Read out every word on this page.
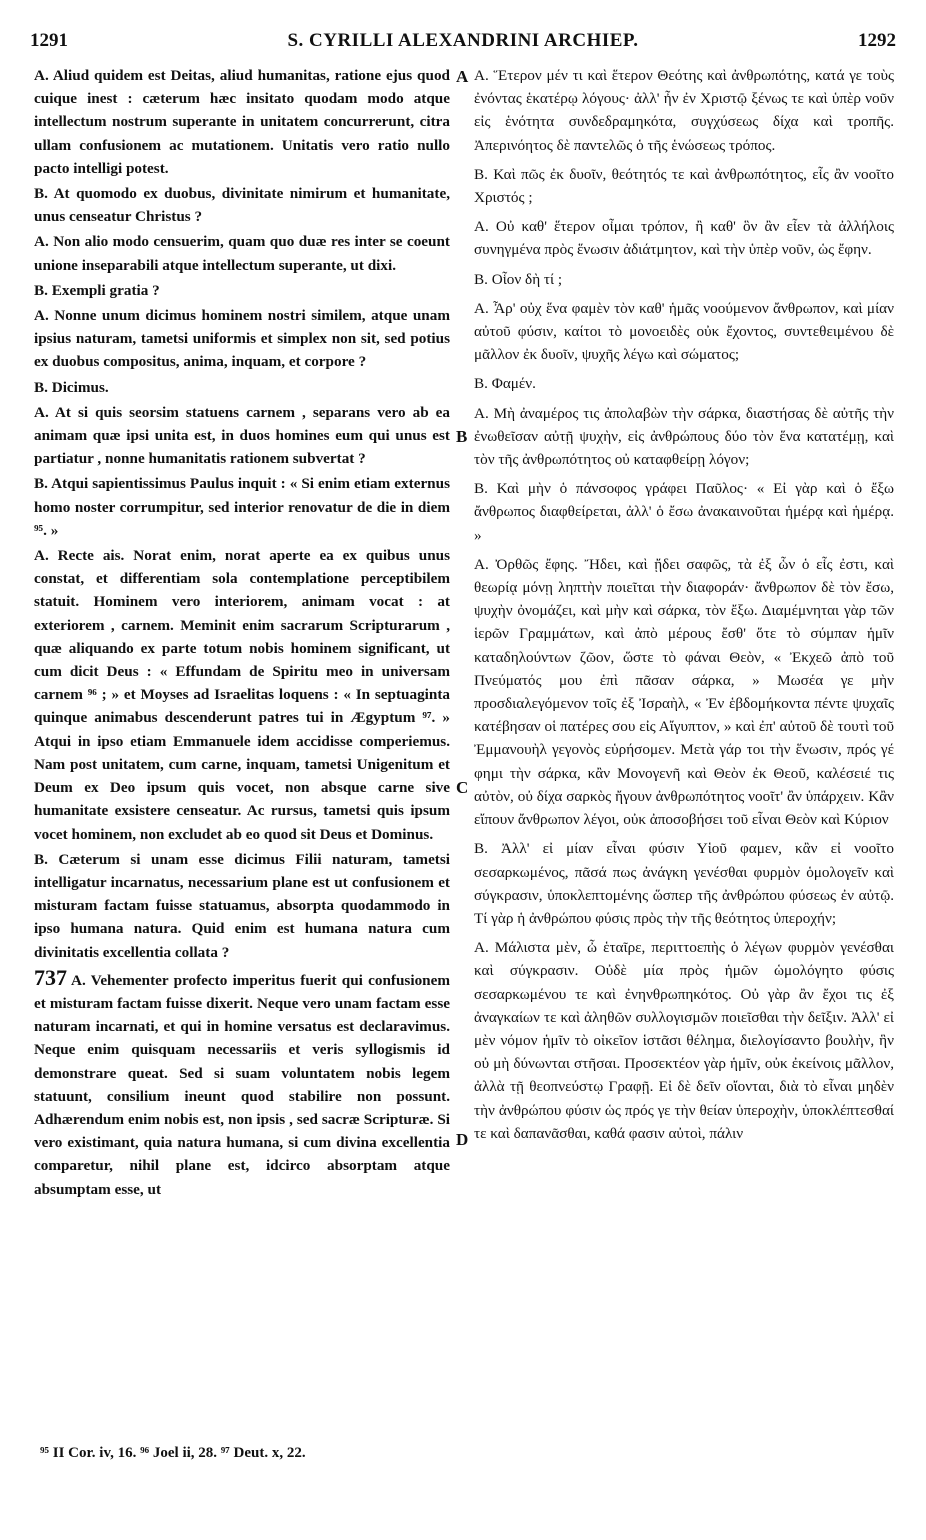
1291	S. CYRILLI ALEXANDRINI ARCHIEP.	1292
A
B
C
D

A. Aliud quidem est Deitas, aliud humanitas, ratione ejus quod cuique inest : cæterum hæc insitato quodam modo atque intellectum nostrum superante in unitatem concurrerunt, citra ullam confusionem ac mutationem. Unitatis vero ratio nullo pacto intelligi potest.

B. At quomodo ex duobus, divinitate nimirum et humanitate, unus censeatur Christus ?

A. Non alio modo censuerim, quam quo duæ res inter se coeunt unione inseparabili atque intellectum superante, ut dixi.

B. Exempli gratia ?

A. Nonne unum dicimus hominem nostri similem, atque unam ipsius naturam, tametsi uniformis et simplex non sit, sed potius ex duobus compositus, anima, inquam, et corpore ?

B. Dicimus.

A. At si quis seorsim statuens carnem , separans vero ab ea animam quæ ipsi unita est, in duos homines eum qui unus est partiatur , nonne humanitatis rationem subvertat ?

B. Atqui sapientissimus Paulus inquit : « Si enim etiam externus homo noster corrumpitur, sed interior renovatur de die in diem ⁹⁵. »

A. Recte ais. Norat enim, norat aperte ea ex quibus unus constat, et differentiam sola contemplatione perceptibilem statuit. Hominem vero interiorem, animam vocat : at exteriorem , carnem. Meminit enim sacrarum Scripturarum , quæ aliquando ex parte totum nobis hominem significant, ut cum dicit Deus : « Effundam de Spiritu meo in universam carnem ⁹⁶ ; » et Moyses ad Israelitas loquens : « In septuaginta quinque animabus descenderunt patres tui in Ægyptum ⁹⁷. » Atqui in ipso etiam Emmanuele idem accidisse comperiemus. Nam post unitatem, cum carne, inquam, tametsi Unigenitum et Deum ex Deo ipsum quis vocet, non absque carne sive humanitate exsistere censeatur. Ac rursus, tametsi quis ipsum vocet hominem, non excludet ab eo quod sit Deus et Dominus.

B. Cæterum si unam esse dicimus Filii naturam, tametsi intelligatur incarnatus, necessarium plane est ut confusionem et misturam factam fuisse statuamus, absorpta quodammodo in ipso humana natura. Quid enim est humana natura cum divinitatis excellentia collata ?

737 A. Vehementer profecto imperitus fuerit qui confusionem et misturam factam fuisse dixerit. Neque vero unam factam esse naturam incarnati, et qui in homine versatus est declaravimus. Neque enim quisquam necessariis et veris syllogismis id demonstrare queat. Sed si suam voluntatem nobis legem statuunt, consilium ineunt quod stabilire non possunt. Adhærendum enim nobis est, non ipsis , sed sacræ Scripturæ. Si vero existimant, quia natura humana, si cum divina excellentia comparetur, nihil plane est, idcirco absorptam atque absumptam esse, ut

A. Ἕτερον μέν τι καὶ ἕτερον Θεότης καὶ ἀνθρωπότης, κατά γε τοὺς ἐνόντας ἑκατέρῳ λόγους· ἀλλ' ἦν ἐν Χριστῷ ξένως τε καὶ ὑπὲρ νοῦν εἰς ἑνότητα συνδεδραμηκότα, συγχύσεως δίχα καὶ τροπῆς. Ἀπερινόητος δὲ παντελῶς ὁ τῆς ἑνώσεως τρόπος.

B. Καὶ πῶς ἐκ δυοῖν, θεότητός τε καὶ ἀνθρωπότητος, εἷς ἂν νοοῖτο Χριστός ;

A. Οὐ καθ' ἕτερον οἶμαι τρόπον, ἢ καθ' ὃν ἂν εἶεν τὰ ἀλλήλοις συνηγμένα πρὸς ἕνωσιν ἀδιάτμητον, καὶ τὴν ὑπὲρ νοῦν, ὡς ἔφην.

B. Οἷον δὴ τί ;

A. Ἆρ' οὐχ ἕνα φαμὲν τὸν καθ' ἡμᾶς νοούμενον ἄνθρωπον, καὶ μίαν αὐτοῦ φύσιν, καίτοι τὸ μονοειδὲς οὐκ ἔχοντος, συντεθειμένου δὲ μᾶλλον ἐκ δυοῖν, ψυχῆς λέγω καὶ σώματος;

B. Φαμέν.

A. Μὴ ἀναμέρος τις ἀπολαβὼν τὴν σάρκα, διαστήσας δὲ αὐτῆς τὴν ἐνωθεῖσαν αὐτῇ ψυχὴν, εἰς ἀνθρώπους δύο τὸν ἕνα κατατέμῃ, καὶ τὸν τῆς ἀνθρωπότητος οὐ καταφθείρῃ λόγον;

B. Καὶ μὴν ὁ πάνσοφος γράφει Παῦλος· « Εἰ γὰρ καὶ ὁ ἔξω ἄνθρωπος διαφθείρεται, ἀλλ' ὁ ἔσω ἀνακαινοῦται ἡμέρᾳ καὶ ἡμέρᾳ. »

A. Ὀρθῶς ἔφης. Ἤδει, καὶ ᾔδει σαφῶς, τὰ ἐξ ὧν ὁ εἷς ἐστι, καὶ θεωρίᾳ μόνῃ ληπτὴν ποιεῖται τὴν διαφοράν· ἄνθρωπον δὲ τὸν ἔσω, ψυχὴν ὀνομάζει, καὶ μὴν καὶ σάρκα, τὸν ἔξω. Διαμέμνηται γὰρ τῶν ἱερῶν Γραμμάτων, καὶ ἀπὸ μέρους ἔσθ' ὅτε τὸ σύμπαν ἡμῖν καταδηλούντων ζῶον, ὥστε τὸ φάναι Θεὸν, « Ἐκχεῶ ἀπὸ τοῦ Πνεύματός μου ἐπὶ πᾶσαν σάρκα, » Μωσέα γε μὴν προσδιαλεγόμενον τοῖς ἐξ Ἰσραὴλ, « Ἐν ἑβδομήκοντα πέντε ψυχαῖς κατέβησαν οἱ πατέρες σου εἰς Αἴγυπτον, » καὶ ἐπ' αὐτοῦ δὲ τουτὶ τοῦ Ἐμμανουὴλ γεγονὸς εὑρήσομεν. Μετὰ γάρ τοι τὴν ἕνωσιν, πρός γέ φημι τὴν σάρκα, κἂν Μονογενῆ καὶ Θεὸν ἐκ Θεοῦ, καλέσειέ τις αὐτὸν, οὐ δίχα σαρκὸς ἤγουν ἀνθρωπότητος νοοῖτ' ἂν ὑπάρχειν. Κἂν εἴπουν ἄνθρωπον λέγοι, οὐκ ἀποσοβήσει τοῦ εἶναι Θεὸν καὶ Κύριον

B. Ἀλλ' εἰ μίαν εἶναι φύσιν Υἱοῦ φαμεν, κἂν εἰ νοοῖτο σεσαρκωμένος, πᾶσά πως ἀνάγκη γενέσθαι φυρμὸν ὁμολογεῖν καὶ σύγκρασιν, ὑποκλεπτομένης ὥσπερ τῆς ἀνθρώπου φύσεως ἐν αὐτῷ. Τί γὰρ ἡ ἀνθρώπου φύσις πρὸς τὴν τῆς θεότητος ὑπεροχήν;

A. Μάλιστα μὲν, ὦ ἑταῖρε, περιττοεπὴς ὁ λέγων φυρμὸν γενέσθαι καὶ σύγκρασιν. Οὐδὲ μία πρὸς ἡμῶν ὡμολόγητο φύσις σεσαρκωμένου τε καὶ ἐνηνθρωπηκότος. Οὐ γὰρ ἂν ἔχοι τις ἐξ ἀναγκαίων τε καὶ ἀληθῶν συλλογισμῶν ποιεῖσθαι τὴν δεῖξιν. Ἀλλ' εἰ μὲν νόμον ἡμῖν τὸ οἰκεῖον ἱστᾶσι θέλημα, διελογίσαντο βουλὴν, ἣν οὐ μὴ δύνωνται στῆσαι. Προσεκτέον γὰρ ἡμῖν, οὐκ ἐκείνοις μᾶλλον, ἀλλὰ τῇ θεοπνεύστῳ Γραφῇ. Εἰ δὲ δεῖν οἴονται, διὰ τὸ εἶναι μηδὲν τὴν ἀνθρώπου φύσιν ὡς πρός γε τὴν θείαν ὑπεροχὴν, ὑποκλέπτεσθαί τε καὶ δαπανᾶσθαι, καθά φασιν αὐτοὶ, πάλιν

⁹⁵ II Cor. iv, 16. ⁹⁶ Joel ii, 28. ⁹⁷ Deut. x, 22.
